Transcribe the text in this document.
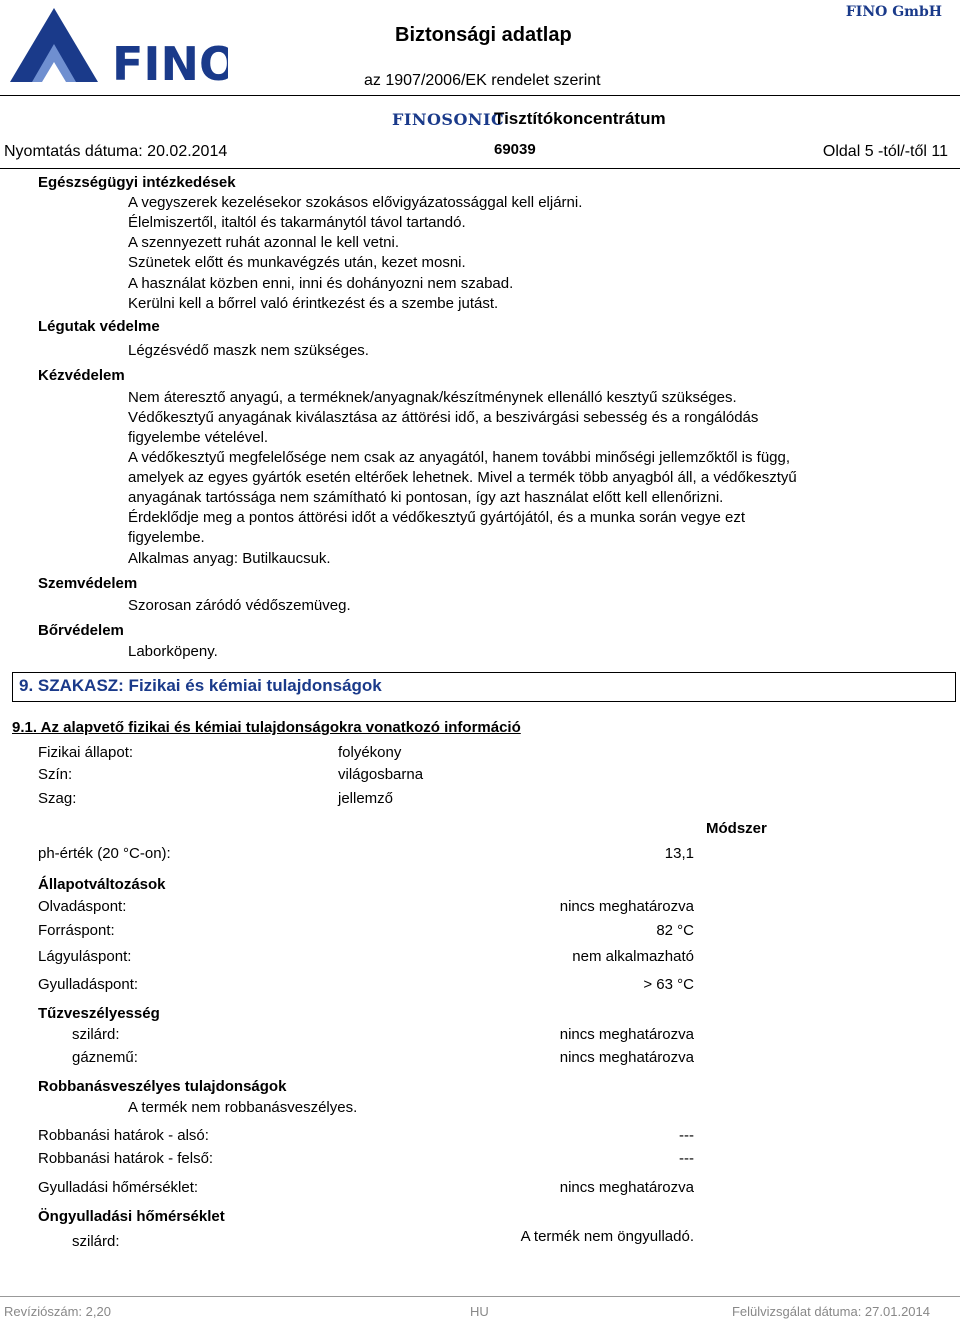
FINO
Biztonsági adatlap
az 1907/2006/EK rendelet szerint
FINO GmbH
FINOSONIC
Tisztítókoncentrátum
Nyomtatás dátuma: 20.02.2014	69039	Oldal 5 -tól/-től 11
Egészségügyi intézkedések
A vegyszerek kezelésekor szokásos elővigyázatossággal kell eljárni.
Élelmiszertől, italtól és takarmánytól távol tartandó.
A szennyezett ruhát azonnal le kell vetni.
Szünetek előtt és munkavégzés után, kezet mosni.
A használat közben enni, inni és dohányozni nem szabad.
Kerülni kell a bőrrel való érintkezést és a szembe jutást.
Légutak védelme
Légzésvédő maszk nem szükséges.
Kézvédelem
Nem áteresztő anyagú, a terméknek/anyagnak/készítménynek ellenálló kesztyű szükséges.
Védőkesztyű anyagának kiválasztása az áttörési idő, a beszivárgási sebesség és a rongálódás
figyelembe vételével.
A védőkesztyű megfelelősége nem csak az anyagától, hanem további minőségi jellemzőktől is függ,
amelyek az egyes gyártók esetén eltérőek lehetnek. Mivel a termék több anyagból áll, a védőkesztyű
anyagának tartóssága nem számítható ki pontosan, így azt használat előtt kell ellenőrizni.
Érdeklődje meg a pontos áttörési időt a védőkesztyű gyártójától, és a munka során vegye ezt
figyelembe.
Alkalmas anyag: Butilkaucsuk.
Szemvédelem
Szorosan záródó védőszemüveg.
Bőrvédelem
Laborköpeny.
9. SZAKASZ: Fizikai és kémiai tulajdonságok
9.1. Az alapvető fizikai és kémiai tulajdonságokra vonatkozó információ
Fizikai állapot:	folyékony
Szín:	világosbarna
Szag:	jellemző
Módszer
ph-érték (20 °C-on):	13,1
Állapotváltozások
Olvadáspont:	nincs meghatározva
Forráspont:	82 °C
Lágyuláspont:	nem alkalmazható
Gyulladáspont:	> 63 °C
Tűzveszélyesség
szilárd:	nincs meghatározva
gáznemű:	nincs meghatározva
Robbanásveszélyes tulajdonságok
A termék nem robbanásveszélyes.
Robbanási határok - alsó:	---
Robbanási határok - felső:	---
Gyulladási hőmérséklet:	nincs meghatározva
Öngyulladási hőmérséklet
szilárd:	A termék nem öngyulladó.
Revíziószám: 2,20	HU	Felülvizsgálat dátuma: 27.01.2014
